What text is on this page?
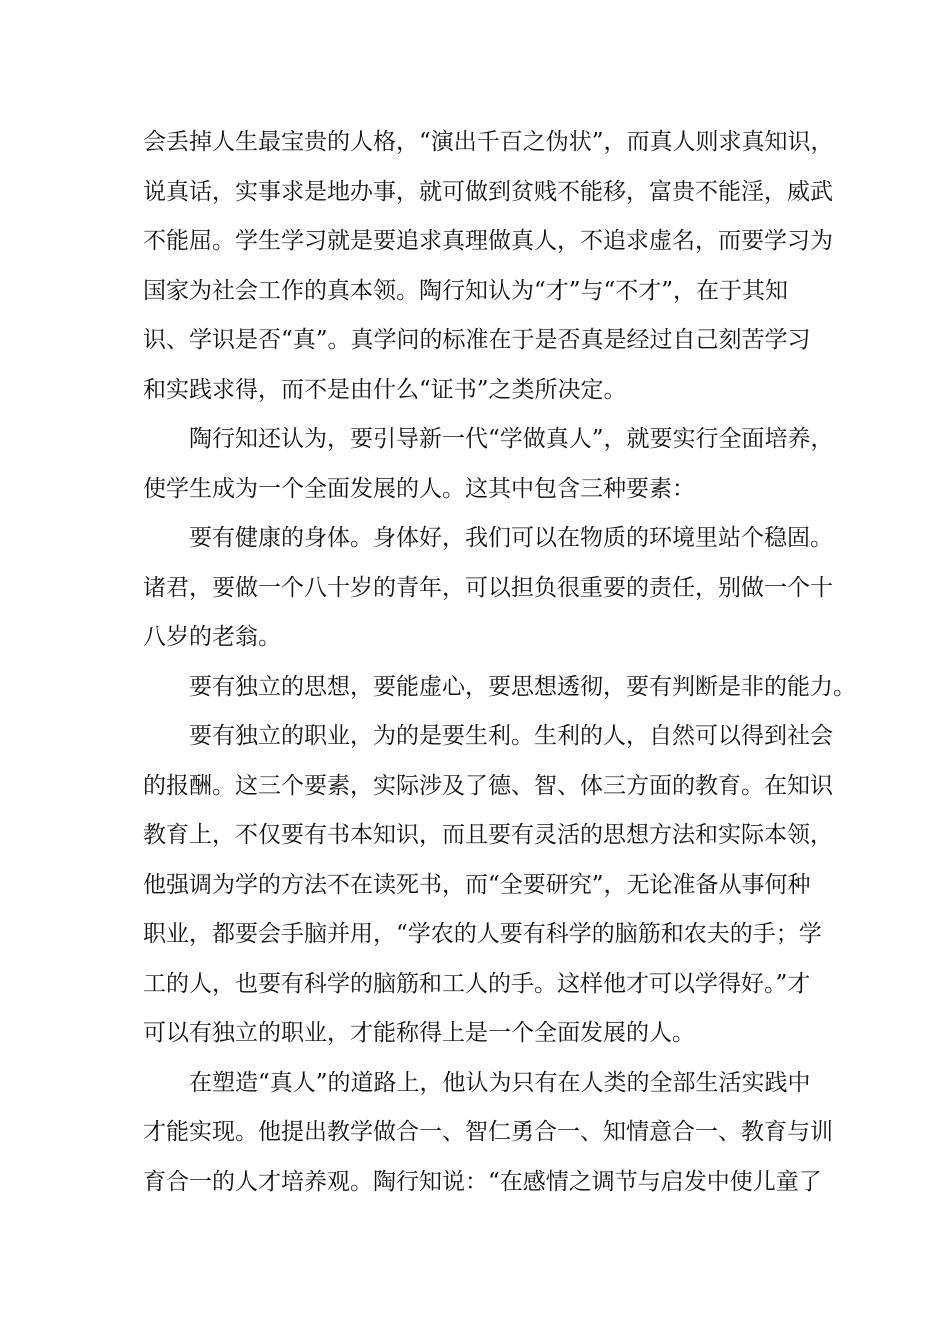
会丢掉人生最宝贵的人格，“演出千百之伪状”，而真人则求真知识，
说真话，实事求是地办事，就可做到贫贱不能移，富贵不能淫，威武
不能屈。学生学习就是要追求真理做真人，不追求虚名，而要学习为
国家为社会工作的真本领。陶行知认为“才”与“不才”，在于其知
识、学识是否“真”。真学问的标准在于是否真是经过自己刻苦学习
和实践求得，而不是由什么“证书”之类所决定。
陶行知还认为，要引导新一代“学做真人”，就要实行全面培养，
使学生成为一个全面发展的人。这其中包含三种要素：
要有健康的身体。身体好，我们可以在物质的环境里站个稳固。
诸君，要做一个八十岁的青年，可以担负很重要的责任，别做一个十
八岁的老翁。
要有独立的思想，要能虚心，要思想透彻，要有判断是非的能力。
要有独立的职业，为的是要生利。生利的人，自然可以得到社会
的报酬。这三个要素，实际涉及了德、智、体三方面的教育。在知识
教育上，不仅要有书本知识，而且要有灵活的思想方法和实际本领，
他强调为学的方法不在读死书，而“全要研究”，无论准备从事何种
职业，都要会手脑并用，“学农的人要有科学的脑筋和农夫的手；学
工的人，也要有科学的脑筋和工人的手。这样他才可以学得好。”才
可以有独立的职业，才能称得上是一个全面发展的人。
在塑造“真人”的道路上，他认为只有在人类的全部生活实践中
才能实现。他提出教学做合一、智仁勇合一、知情意合一、教育与训
育合一的人才培养观。陶行知说：“在感情之调节与启发中使儿童了
